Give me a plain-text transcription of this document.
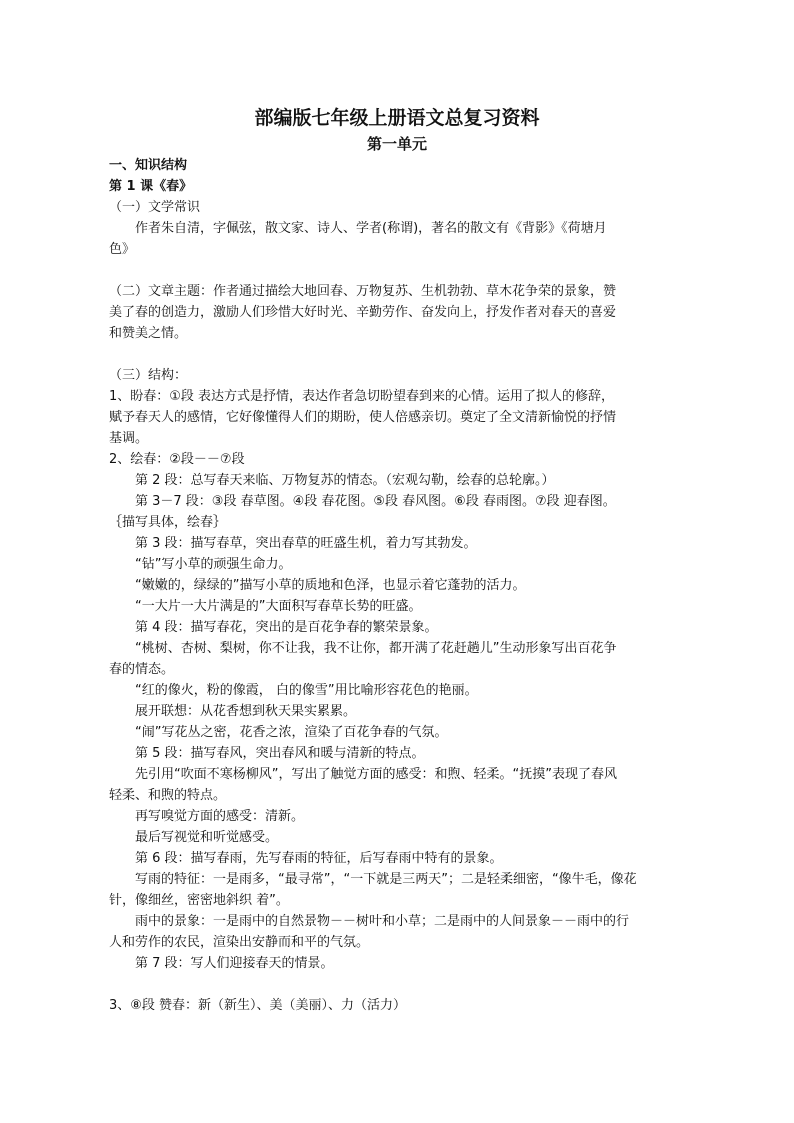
部编版七年级上册语文总复习资料
第一单元
一、知识结构
第 1 课《春》
（一）文学常识
作者朱自清，字佩弦，散文家、诗人、学者(称谓)，著名的散文有《背影》《荷塘月
色》
（二）文章主题：作者通过描绘大地回春、万物复苏、生机勃勃、草木花争荣的景象，赞
美了春的创造力，激励人们珍惜大好时光、辛勤劳作、奋发向上，抒发作者对春天的喜爱
和赞美之情。
（三）结构：
1、盼春：①段 表达方式是抒情，表达作者急切盼望春到来的心情。运用了拟人的修辞，
赋予春天人的感情，它好像懂得人们的期盼，使人倍感亲切。奠定了全文清新愉悦的抒情
基调。
2、绘春：②段－－⑦段
第 2 段：总写春天来临、万物复苏的情态。（宏观勾勒，绘春的总轮廓。）
第 3－7 段：③段 春草图。④段 春花图。⑤段 春风图。⑥段 春雨图。⑦段 迎春图。
｛描写具体，绘春｝
第 3 段：描写春草，突出春草的旺盛生机，着力写其勃发。
“钻”写小草的顽强生命力。
“嫩嫩的，绿绿的”描写小草的质地和色泽，也显示着它蓬勃的活力。
“一大片一大片满是的”大面积写春草长势的旺盛。
第 4 段：描写春花，突出的是百花争春的繁荣景象。
“桃树、杏树、梨树，你不让我，我不让你，都开满了花赶趟儿”生动形象写出百花争
春的情态。
“红的像火，粉的像霞， 白的像雪”用比喻形容花色的艳丽。
展开联想：从花香想到秋天果实累累。
“闹”写花丛之密，花香之浓，渲染了百花争春的气氛。
第 5 段：描写春风，突出春风和暖与清新的特点。
先引用“吹面不寒杨柳风”，写出了触觉方面的感受：和煦、轻柔。“抚摸”表现了春风
轻柔、和煦的特点。
再写嗅觉方面的感受：清新。
最后写视觉和听觉感受。
第 6 段：描写春雨，先写春雨的特征，后写春雨中特有的景象。
写雨的特征：一是雨多，“最寻常”，“一下就是三两天”；二是轻柔细密，“像牛毛，像花
针，像细丝，密密地斜织 着”。
雨中的景象：一是雨中的自然景物－－树叶和小草；二是雨中的人间景象－－雨中的行
人和劳作的农民，渲染出安静而和平的气氛。
第 7 段：写人们迎接春天的情景。
3、⑧段 赞春：新（新生）、美（美丽）、力（活力）
